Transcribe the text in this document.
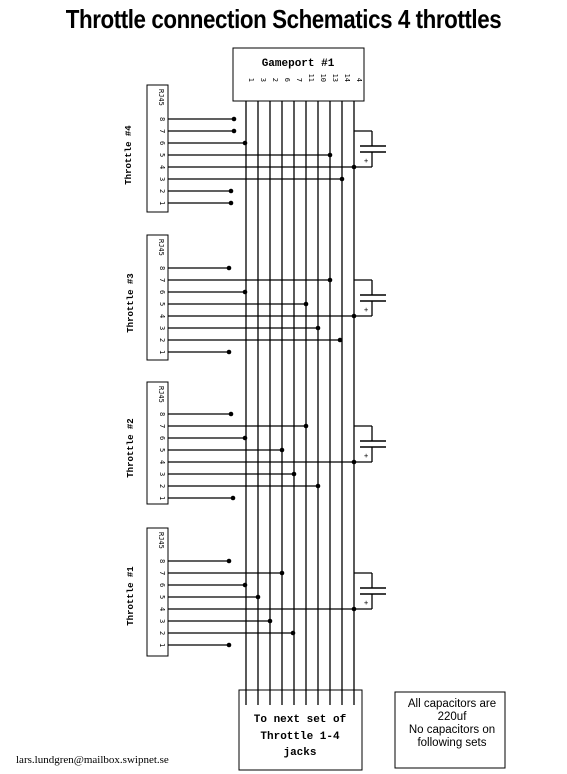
Throttle connection Schematics 4 throttles
Gameport #1
1 3 2 6 7 11 10 13 14 4
RJ45
Throttle #4
8
7
6
5
4
3
2
1
+
RJ45
Throttle #3
8
7
6
5
4
3
2
1
+
RJ45
Throttle #2
8
7
6
5
4
3
2
1
+
RJ45
Throttle #1
8
7
6
5
4
3
2
1
+
To next set of
Throttle 1-4
jacks
All capacitors are
220uf
No capacitors on
following sets
lars.lundgren@mailbox.swipnet.se
